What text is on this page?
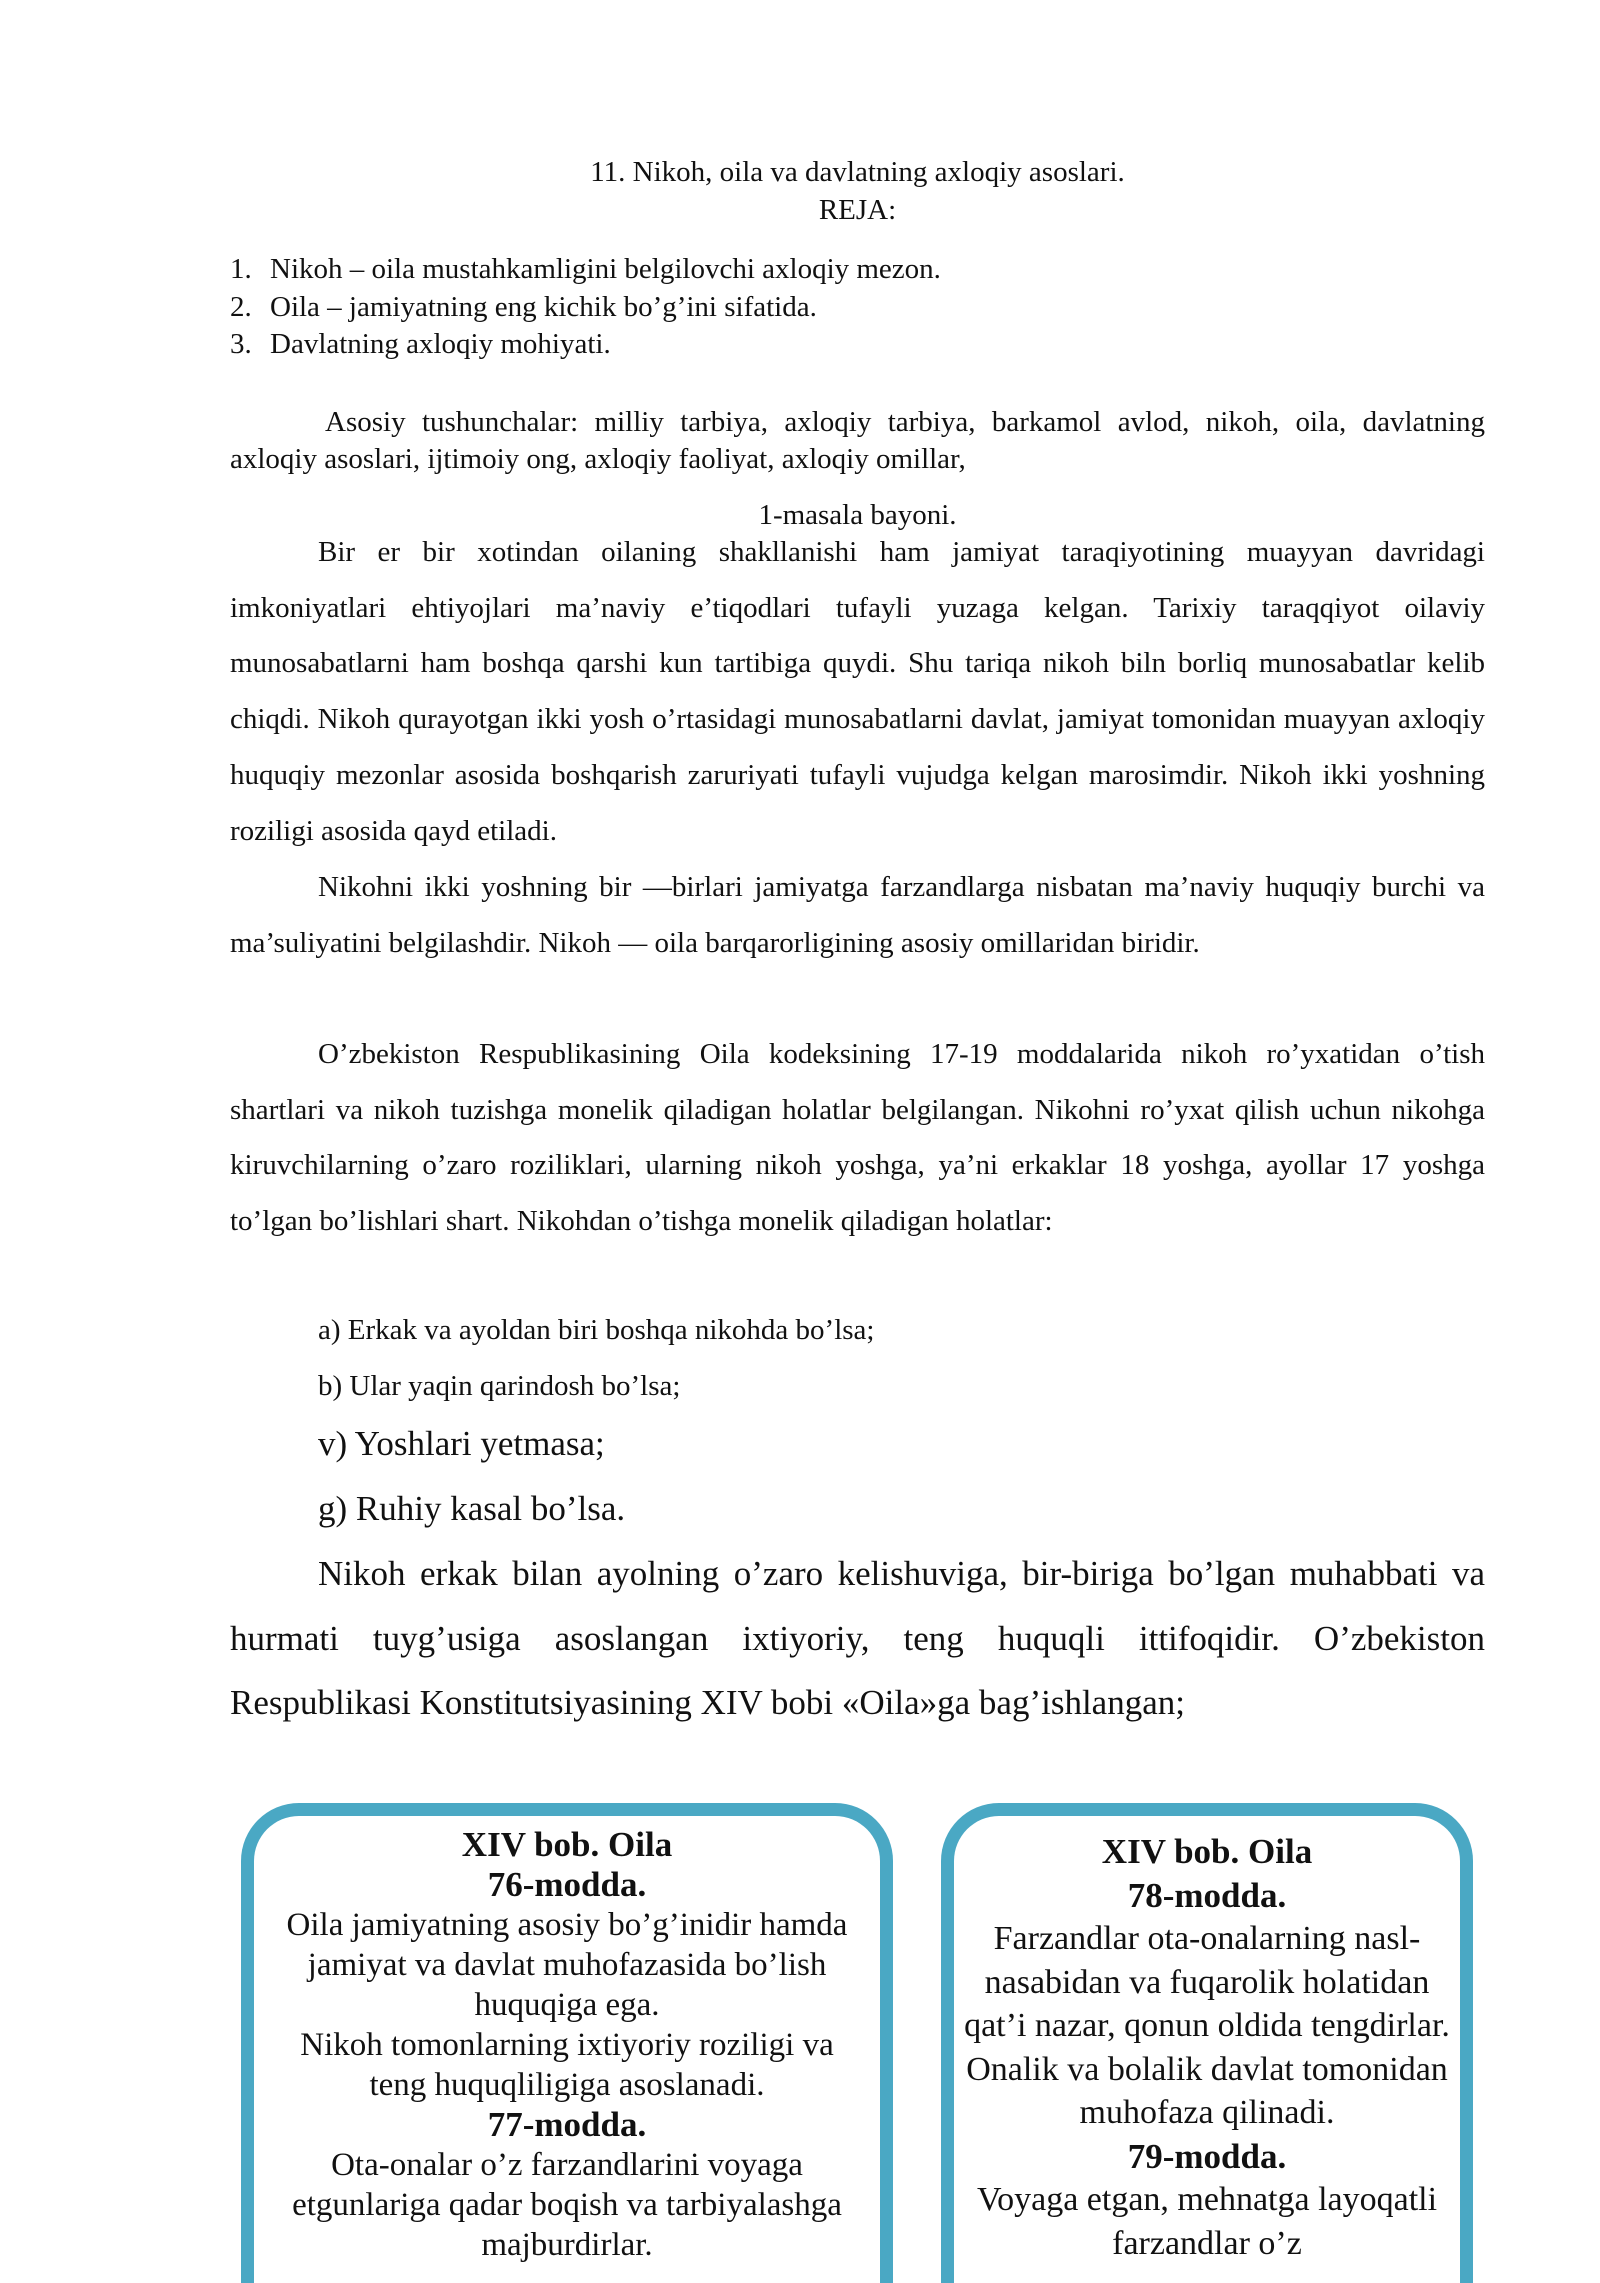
11. Nikoh, oila va davlatning axloqiy asoslari.
REJA:
1. Nikoh – oila mustahkamligini belgilovchi axloqiy mezon.
2. Oila – jamiyatning eng kichik bo’g’ini sifatida.
3. Davlatning axloqiy mohiyati.
Asosiy tushunchalar: milliy tarbiya, axloqiy tarbiya, barkamol avlod, nikoh, oila, davlatning axloqiy asoslari, ijtimoiy ong, axloqiy faoliyat, axloqiy omillar,
1-masala bayoni.
Bir er bir xotindan oilaning shakllanishi ham jamiyat taraqiyotining muayyan davridagi imkoniyatlari ehtiyojlari ma’naviy e’tiqodlari tufayli yuzaga kelgan. Tarixiy taraqqiyot oilaviy munosabatlarni ham boshqa qarshi kun tartibiga quydi. Shu tariqa nikoh biln borliq munosabatlar kelib chiqdi. Nikoh qurayotgan ikki yosh o’rtasidagi munosabatlarni davlat, jamiyat tomonidan muayyan axloqiy huquqiy mezonlar asosida boshqarish zaruriyati tufayli vujudga kelgan marosimdir. Nikoh ikki yoshning roziligi asosida qayd etiladi.
Nikohni ikki yoshning bir —birlari jamiyatga farzandlarga nisbatan ma’naviy huquqiy burchi va ma’suliyatini belgilashdir. Nikoh — oila barqarorligining asosiy omillaridan biridir.
O’zbekiston Respublikasining Oila kodeksining 17-19 moddalarida nikoh ro’yxatidan o’tish shartlari va nikoh tuzishga monelik qiladigan holatlar belgilangan. Nikohni ro’yxat qilish uchun nikohga kiruvchilarning o’zaro roziliklari, ularning nikoh yoshga, ya’ni erkaklar 18 yoshga, ayollar 17 yoshga to’lgan bo’lishlari shart. Nikohdan o’tishga monelik qiladigan holatlar:
a) Erkak va ayoldan biri boshqa nikohda bo’lsa;
b) Ular yaqin qarindosh bo’lsa;
v) Yoshlari yetmasa;
g) Ruhiy kasal bo’lsa.
Nikoh erkak bilan ayolning o’zaro kelishuviga, bir-biriga bo’lgan muhabbati va hurmati tuyg’usiga asoslangan ixtiyoriy, teng huquqli ittifoqidir. O’zbekiston Respublikasi Konstitutsiyasining XIV bobi «Oila»ga bag’ishlangan;
XIV bob. Oila
76-modda.
Oila jamiyatning asosiy bo’g’inidir hamda jamiyat va davlat muhofazasida bo’lish huquqiga ega.
Nikoh tomonlarning ixtiyoriy roziligi va teng huquqliligiga asoslanadi.
77-modda.
Ota-onalar o’z farzandlarini voyaga etgunlariga qadar boqish va tarbiyalashga majburdirlar.
XIV bob. Oila
78-modda.
Farzandlar ota-onalarning nasl-nasabidan va fuqarolik holatidan qat’i nazar, qonun oldida tengdirlar.
Onalik va bolalik davlat tomonidan muhofaza qilinadi.
79-modda.
Voyaga etgan, mehnatga layoqatli farzandlar o’z
